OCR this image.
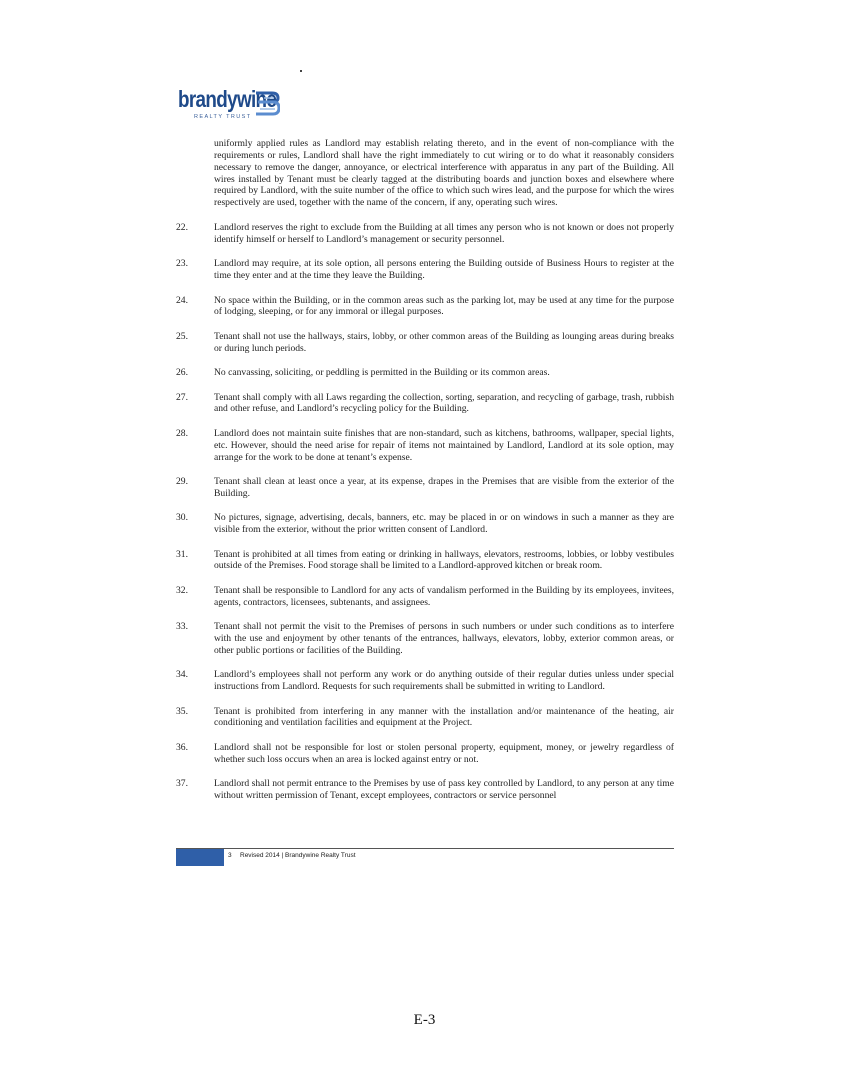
brandywine
REALTY TRUST
uniformly applied rules as Landlord may establish relating thereto, and in the event of non-compliance with the requirements or rules, Landlord shall have the right immediately to cut wiring or to do what it reasonably considers necessary to remove the danger, annoyance, or electrical interference with apparatus in any part of the Building. All wires installed by Tenant must be clearly tagged at the distributing boards and junction boxes and elsewhere where required by Landlord, with the suite number of the office to which such wires lead, and the purpose for which the wires respectively are used, together with the name of the concern, if any, operating such wires.
22.	Landlord reserves the right to exclude from the Building at all times any person who is not known or does not properly identify himself or herself to Landlord’s management or security personnel.
23.	Landlord may require, at its sole option, all persons entering the Building outside of Business Hours to register at the time they enter and at the time they leave the Building.
24.	No space within the Building, or in the common areas such as the parking lot, may be used at any time for the purpose of lodging, sleeping, or for any immoral or illegal purposes.
25.	Tenant shall not use the hallways, stairs, lobby, or other common areas of the Building as lounging areas during breaks or during lunch periods.
26.	No canvassing, soliciting, or peddling is permitted in the Building or its common areas.
27.	Tenant shall comply with all Laws regarding the collection, sorting, separation, and recycling of garbage, trash, rubbish and other refuse, and Landlord’s recycling policy for the Building.
28.	Landlord does not maintain suite finishes that are non-standard, such as kitchens, bathrooms, wallpaper, special lights, etc. However, should the need arise for repair of items not maintained by Landlord, Landlord at its sole option, may arrange for the work to be done at tenant’s expense.
29.	Tenant shall clean at least once a year, at its expense, drapes in the Premises that are visible from the exterior of the Building.
30.	No pictures, signage, advertising, decals, banners, etc. may be placed in or on windows in such a manner as they are visible from the exterior, without the prior written consent of Landlord.
31.	Tenant is prohibited at all times from eating or drinking in hallways, elevators, restrooms, lobbies, or lobby vestibules outside of the Premises. Food storage shall be limited to a Landlord-approved kitchen or break room.
32.	Tenant shall be responsible to Landlord for any acts of vandalism performed in the Building by its employees, invitees, agents, contractors, licensees, subtenants, and assignees.
33.	Tenant shall not permit the visit to the Premises of persons in such numbers or under such conditions as to interfere with the use and enjoyment by other tenants of the entrances, hallways, elevators, lobby, exterior common areas, or other public portions or facilities of the Building.
34.	Landlord’s employees shall not perform any work or do anything outside of their regular duties unless under special instructions from Landlord. Requests for such requirements shall be submitted in writing to Landlord.
35.	Tenant is prohibited from interfering in any manner with the installation and/or maintenance of the heating, air conditioning and ventilation facilities and equipment at the Project.
36.	Landlord shall not be responsible for lost or stolen personal property, equipment, money, or jewelry regardless of whether such loss occurs when an area is locked against entry or not.
37.	Landlord shall not permit entrance to the Premises by use of pass key controlled by Landlord, to any person at any time without written permission of Tenant, except employees, contractors or service personnel
3 Revised 2014 | Brandywine Realty Trust
E-3
